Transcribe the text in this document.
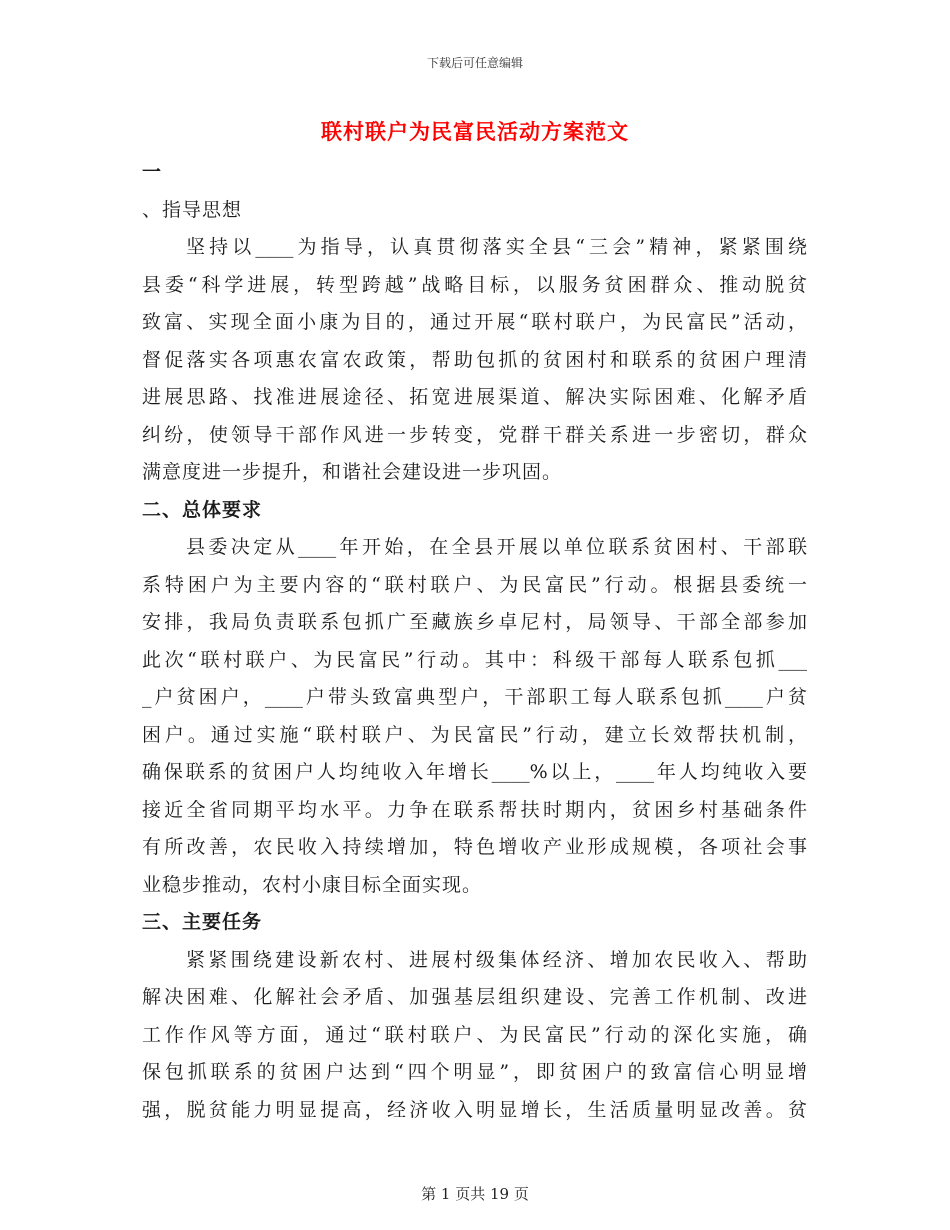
下载后可任意编辑
联村联户为民富民活动方案范文
一
、指导思想
坚持以____为指导，认真贯彻落实全县“三会”精神，紧紧围绕
县委“科学进展，转型跨越”战略目标，以服务贫困群众、推动脱贫
致富、实现全面小康为目的，通过开展“联村联户，为民富民”活动，
督促落实各项惠农富农政策，帮助包抓的贫困村和联系的贫困户理清
进展思路、找准进展途径、拓宽进展渠道、解决实际困难、化解矛盾
纠纷，使领导干部作风进一步转变，党群干群关系进一步密切，群众
满意度进一步提升，和谐社会建设进一步巩固。
二、总体要求
县委决定从____年开始，在全县开展以单位联系贫困村、干部联
系特困户为主要内容的“联村联户、为民富民”行动。根据县委统一
安排，我局负责联系包抓广至藏族乡卓尼村，局领导、干部全部参加
此次“联村联户、为民富民”行动。其中：科级干部每人联系包抓___
_户贫困户，____户带头致富典型户，干部职工每人联系包抓____户贫
困户。通过实施“联村联户、为民富民”行动，建立长效帮扶机制，
确保联系的贫困户人均纯收入年增长____%以上，____年人均纯收入要
接近全省同期平均水平。力争在联系帮扶时期内，贫困乡村基础条件
有所改善，农民收入持续增加，特色增收产业形成规模，各项社会事
业稳步推动，农村小康目标全面实现。
三、主要任务
紧紧围绕建设新农村、进展村级集体经济、增加农民收入、帮助
解决困难、化解社会矛盾、加强基层组织建设、完善工作机制、改进
工作作风等方面，通过“联村联户、为民富民”行动的深化实施，确
保包抓联系的贫困户达到“四个明显”，即贫困户的致富信心明显增
强，脱贫能力明显提高，经济收入明显增长，生活质量明显改善。贫
第 1 页共 19 页
